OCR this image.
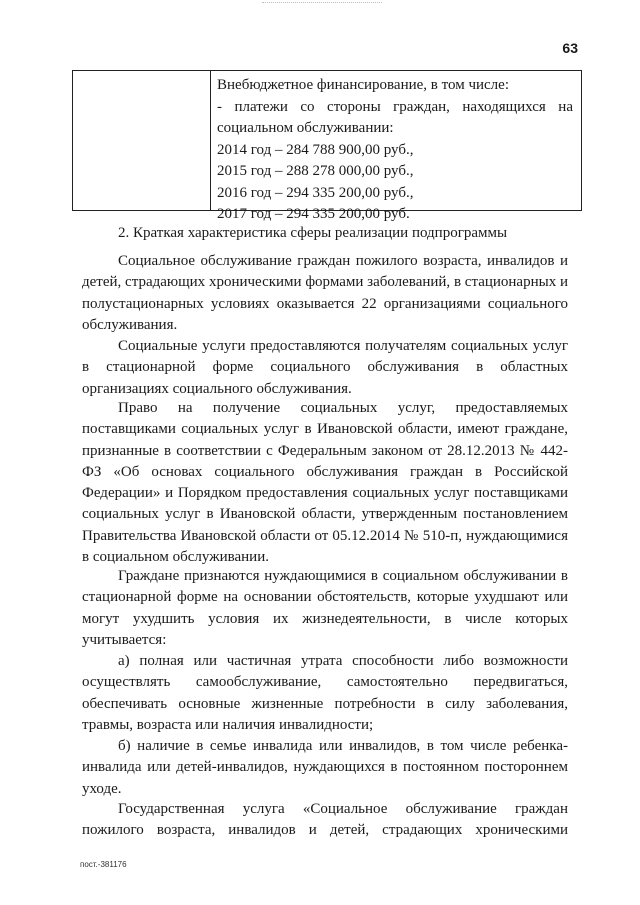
63
Внебюджетное финансирование, в том числе:
- платежи со стороны граждан, находящихся на
социальном обслуживании:
2014 год – 284 788 900,00 руб.,
2015 год – 288 278 000,00 руб.,
2016 год – 294 335 200,00 руб.,
2017 год – 294 335 200,00 руб.
2. Краткая характеристика сферы реализации подпрограммы
Социальное обслуживание граждан пожилого возраста, инвалидов и
детей, страдающих хроническими формами заболеваний, в стационарных и
полустационарных условиях оказывается 22 организациями социального
обслуживания.
Социальные услуги предоставляются получателям социальных услуг
в стационарной форме социального обслуживания в областных
организациях социального обслуживания.
Право на получение социальных услуг, предоставляемых
поставщиками социальных услуг в Ивановской области, имеют граждане,
признанные в соответствии с Федеральным законом от 28.12.2013 № 442-
ФЗ «Об основах социального обслуживания граждан в Российской
Федерации» и Порядком предоставления социальных услуг поставщиками
социальных услуг в Ивановской области, утвержденным постановлением
Правительства Ивановской области от 05.12.2014 № 510-п, нуждающимися
в социальном обслуживании.
Граждане признаются нуждающимися в социальном обслуживании в
стационарной форме на основании обстоятельств, которые ухудшают или
могут ухудшить условия их жизнедеятельности, в числе которых
учитывается:
а) полная или частичная утрата способности либо возможности
осуществлять самообслуживание, самостоятельно передвигаться,
обеспечивать основные жизненные потребности в силу заболевания,
травмы, возраста или наличия инвалидности;
б) наличие в семье инвалида или инвалидов, в том числе ребенка-
инвалида или детей-инвалидов, нуждающихся в постоянном постороннем
уходе.
Государственная услуга «Социальное обслуживание граждан
пожилого возраста, инвалидов и детей, страдающих хроническими
пост.-381176
